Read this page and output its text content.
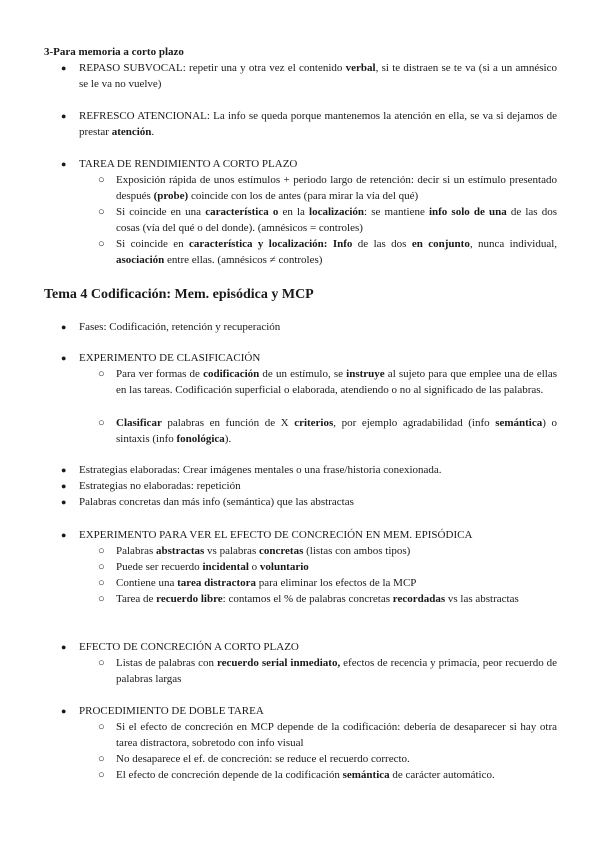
3-Para memoria a corto plazo
● REPASO SUBVOCAL: repetir una y otra vez el contenido verbal, si te distraen se te va (si a un amnésico se le va no vuelve)
● REFRESCO ATENCIONAL: La info se queda porque mantenemos la atención en ella, se va si dejamos de prestar atención.
● TAREA DE RENDIMIENTO A CORTO PLAZO
○ Exposición rápida de unos estímulos + periodo largo de retención: decir si un estímulo presentado después (probe) coincide con los de antes (para mirar la vía del qué)
○ Si coincide en una característica o en la localización: se mantiene info solo de una de las dos cosas (vía del qué o del donde). (amnésicos = controles)
○ Si coincide en característica y localización: Info de las dos en conjunto, nunca individual, asociación entre ellas. (amnésicos ≠ controles)
Tema 4 Codificación: Mem. episódica y MCP
● Fases: Codificación, retención y recuperación
● EXPERIMENTO DE CLASIFICACIÓN
○ Para ver formas de codificación de un estímulo, se instruye al sujeto para que emplee una de ellas en las tareas. Codificación superficial o elaborada, atendiendo o no al significado de las palabras.
○ Clasificar palabras en función de X criterios, por ejemplo agradabilidad (info semántica) o sintaxis (info fonológica).
● Estrategias elaboradas: Crear imágenes mentales o una frase/historia conexionada.
● Estrategias no elaboradas: repetición
● Palabras concretas dan más info (semántica) que las abstractas
● EXPERIMENTO PARA VER EL EFECTO DE CONCRECIÓN EN MEM. EPISÓDICA
○ Palabras abstractas vs palabras concretas (listas con ambos tipos)
○ Puede ser recuerdo incidental o voluntario
○ Contiene una tarea distractora para eliminar los efectos de la MCP
○ Tarea de recuerdo libre: contamos el % de palabras concretas recordadas vs las abstractas
● EFECTO DE CONCRECIÓN A CORTO PLAZO
○ Listas de palabras con recuerdo serial inmediato, efectos de recencia y primacía, peor recuerdo de palabras largas
● PROCEDIMIENTO DE DOBLE TAREA
○ Si el efecto de concreción en MCP depende de la codificación: debería de desaparecer si hay otra tarea distractora, sobretodo con info visual
○ No desaparece el ef. de concreción: se reduce el recuerdo correcto.
○ El efecto de concreción depende de la codificación semántica de carácter automático.
